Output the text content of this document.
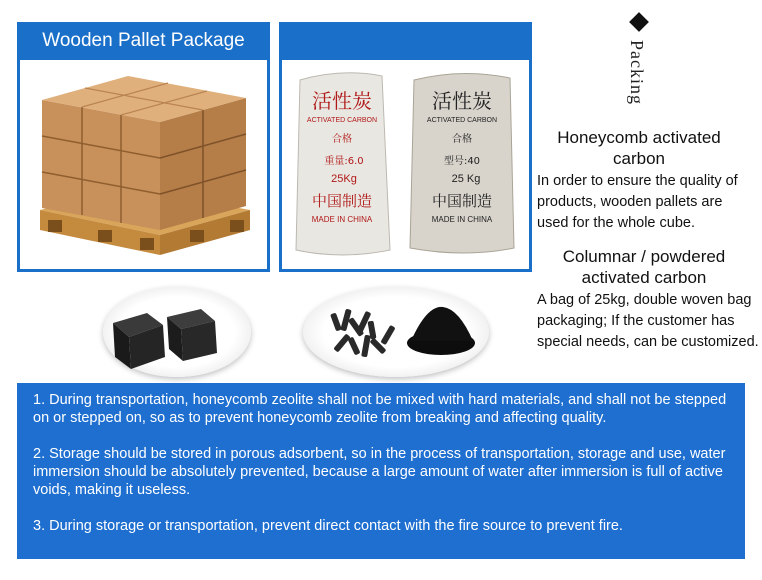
Wooden Pallet Package
活性炭
ACTIVATED CARBON
合格
重量:6.0
25Kg
中国制造
MADE IN CHINA
活性炭
ACTIVATED CARBON
合格
型号:40
25 Kg
中国制造
MADE IN CHINA
Packing
Honeycomb activated carbon
In order to ensure the quality of products, wooden pallets are used for the whole cube.
Columnar / powdered activated carbon
A bag of 25kg, double woven bag packaging; If the customer has special needs, can be customized.

1. During transportation, honeycomb zeolite shall not be mixed with hard materials, and shall not be stepped on or stepped on, so as to prevent honeycomb zeolite from breaking and affecting quality.

2. Storage should be stored in porous adsorbent, so in the process of transportation, storage and use, water immersion should be absolutely prevented, because a large amount of water after immersion is full of active voids, making it useless.

3. During storage or transportation, prevent direct contact with the fire source to prevent fire.
